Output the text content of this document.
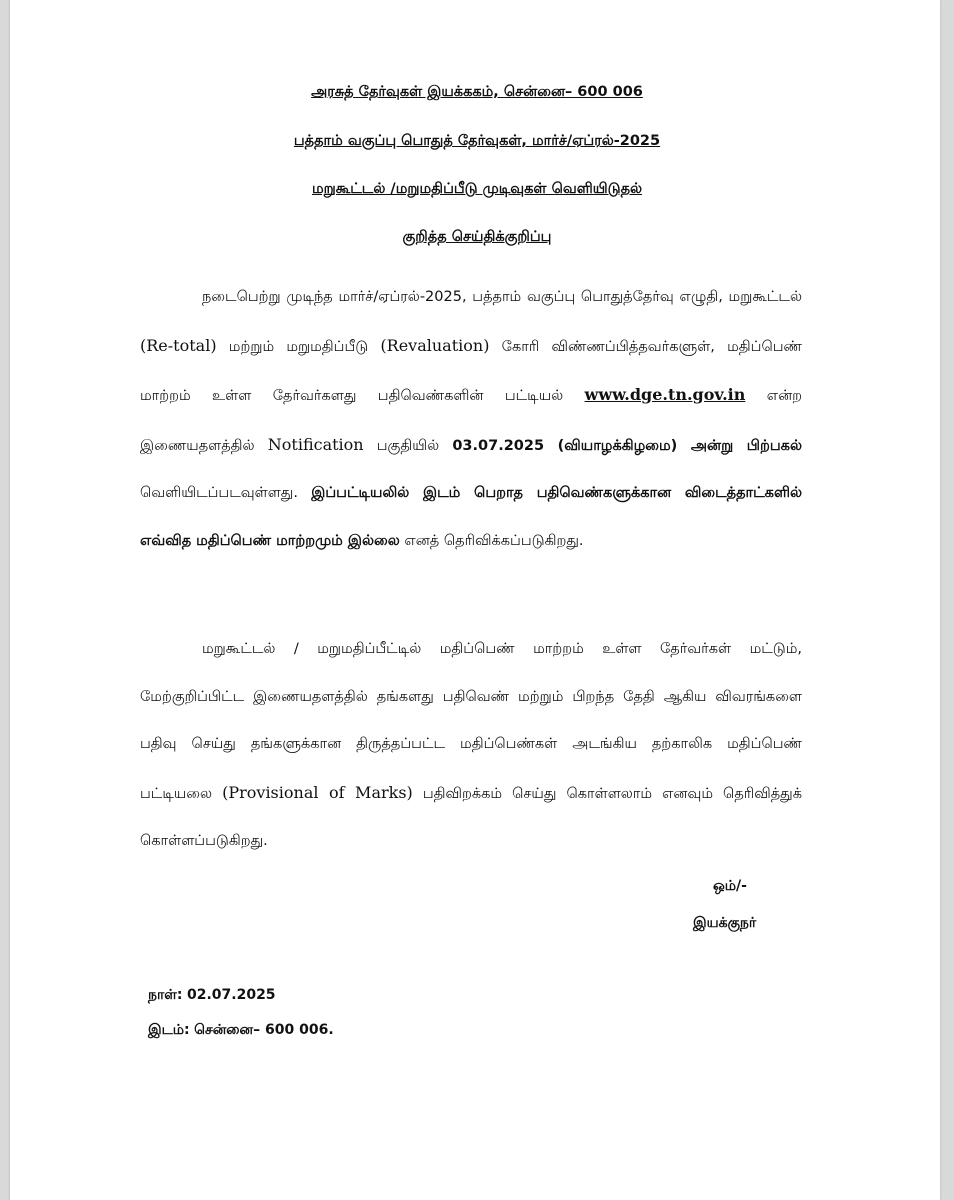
அரசுத் தேர்வுகள் இயக்ககம், சென்னை– 600 006
பத்தாம் வகுப்பு பொதுத் தேர்வுகள், மார்ச்/ஏப்ரல்-2025
மறுகூட்டல் /மறுமதிப்பீடு முடிவுகள் வெளியிடுதல்
குறித்த செய்திக்குறிப்பு
நடைபெற்று முடிந்த மார்ச்/ஏப்ரல்-2025, பத்தாம் வகுப்பு பொதுத்தேர்வு எழுதி, மறுகூட்டல் (Re-total) மற்றும் மறுமதிப்பீடு (Revaluation) கோரி விண்ணப்பித்தவர்களுள், மதிப்பெண் மாற்றம் உள்ள தேர்வர்களது பதிவெண்களின் பட்டியல் www.dge.tn.gov.in என்ற இணையதளத்தில் Notification பகுதியில் 03.07.2025 (வியாழக்கிழமை) அன்று பிற்பகல் வெளியிடப்படவுள்ளது. இப்பட்டியலில் இடம் பெறாத பதிவெண்களுக்கான விடைத்தாட்களில் எவ்வித மதிப்பெண் மாற்றமும் இல்லை எனத் தெரிவிக்கப்படுகிறது.
மறுகூட்டல் / மறுமதிப்பீட்டில் மதிப்பெண் மாற்றம் உள்ள தேர்வர்கள் மட்டும், மேற்குறிப்பிட்ட இணையதளத்தில் தங்களது பதிவெண் மற்றும் பிறந்த தேதி ஆகிய விவரங்களை பதிவு செய்து தங்களுக்கான திருத்தப்பட்ட மதிப்பெண்கள் அடங்கிய தற்காலிக மதிப்பெண் பட்டியலை (Provisional of Marks) பதிவிறக்கம் செய்து கொள்ளலாம் எனவும் தெரிவித்துக் கொள்ளப்படுகிறது.
ஒம்/-
இயக்குநர்
நாள்: 02.07.2025
இடம்: சென்னை– 600 006.
